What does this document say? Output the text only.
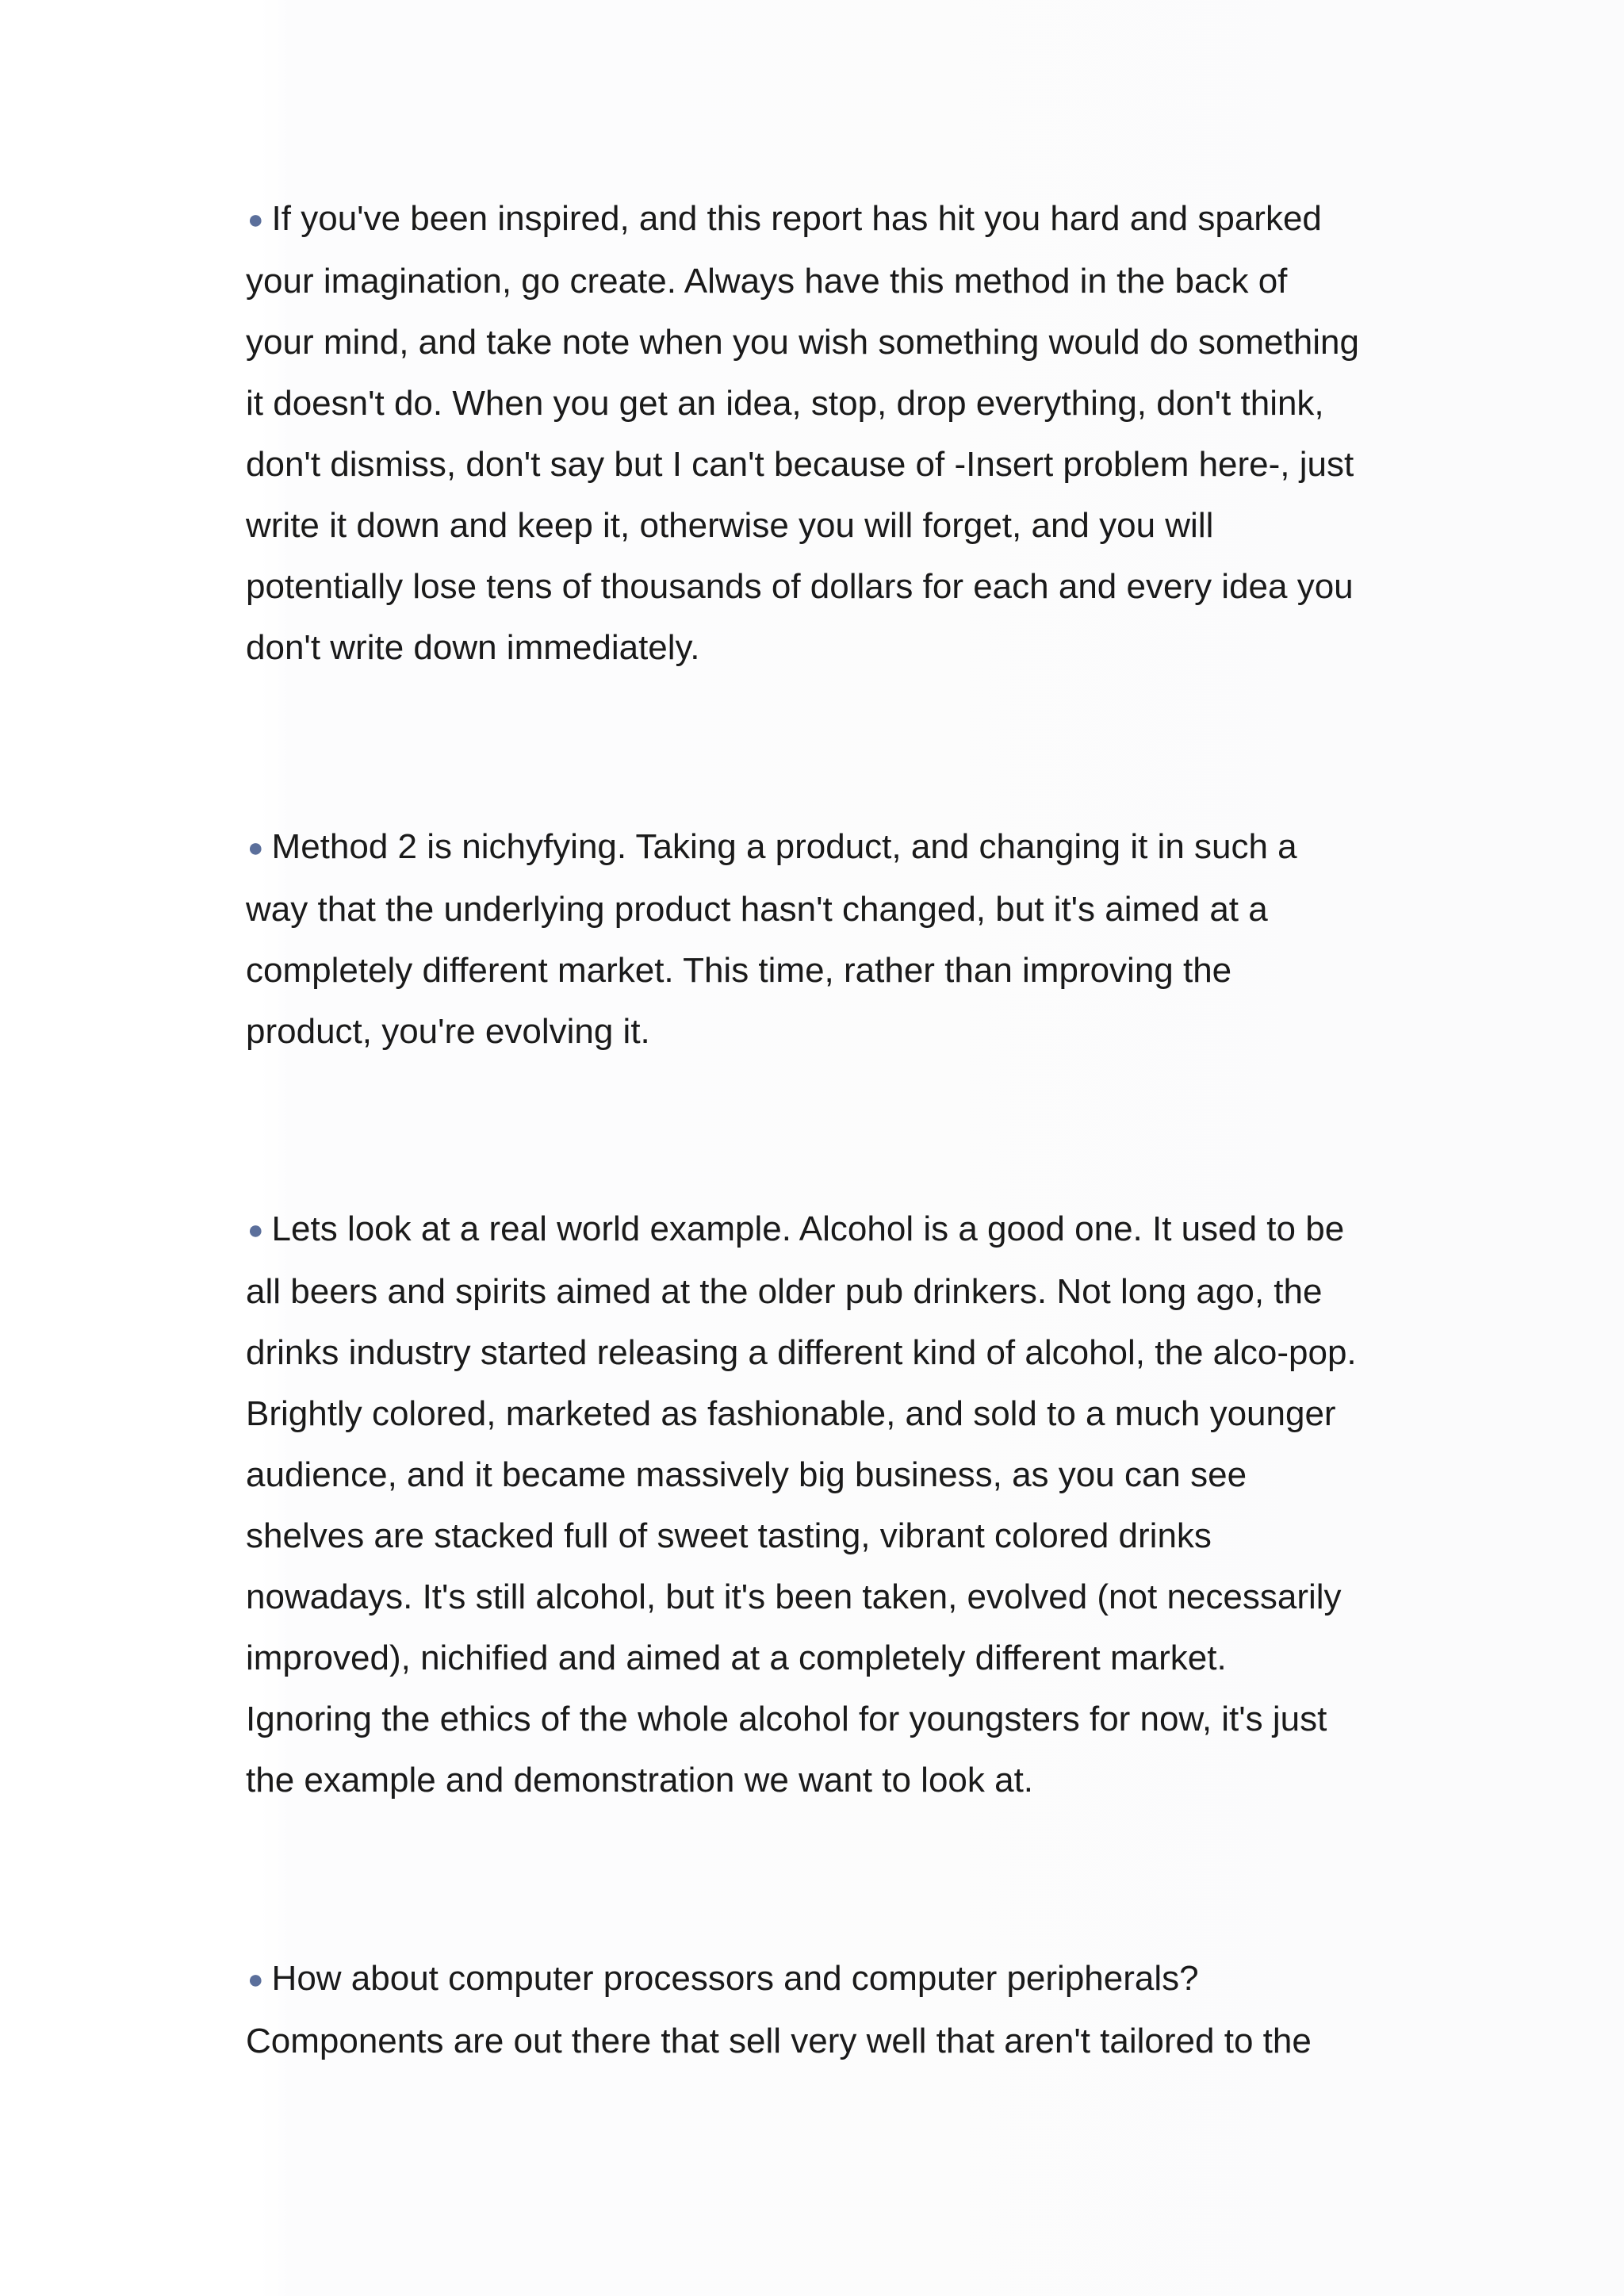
● If you've been inspired, and this report has hit you hard and sparked
your imagination, go create. Always have this method in the back of
your mind, and take note when you wish something would do something
it doesn't do. When you get an idea, stop, drop everything, don't think,
don't dismiss, don't say but I can't because of -Insert problem here-, just
write it down and keep it, otherwise you will forget, and you will
potentially lose tens of thousands of dollars for each and every idea you
don't write down immediately.
● Method 2 is nichyfying. Taking a product, and changing it in such a
way that the underlying product hasn't changed, but it's aimed at a
completely different market. This time, rather than improving the
product, you're evolving it.
● Lets look at a real world example. Alcohol is a good one. It used to be
all beers and spirits aimed at the older pub drinkers. Not long ago, the
drinks industry started releasing a different kind of alcohol, the alco-pop.
Brightly colored, marketed as fashionable, and sold to a much younger
audience, and it became massively big business, as you can see
shelves are stacked full of sweet tasting, vibrant colored drinks
nowadays. It's still alcohol, but it's been taken, evolved (not necessarily
improved), nichified and aimed at a completely different market.
Ignoring the ethics of the whole alcohol for youngsters for now, it's just
the example and demonstration we want to look at.
● How about computer processors and computer peripherals?
Components are out there that sell very well that aren't tailored to the
